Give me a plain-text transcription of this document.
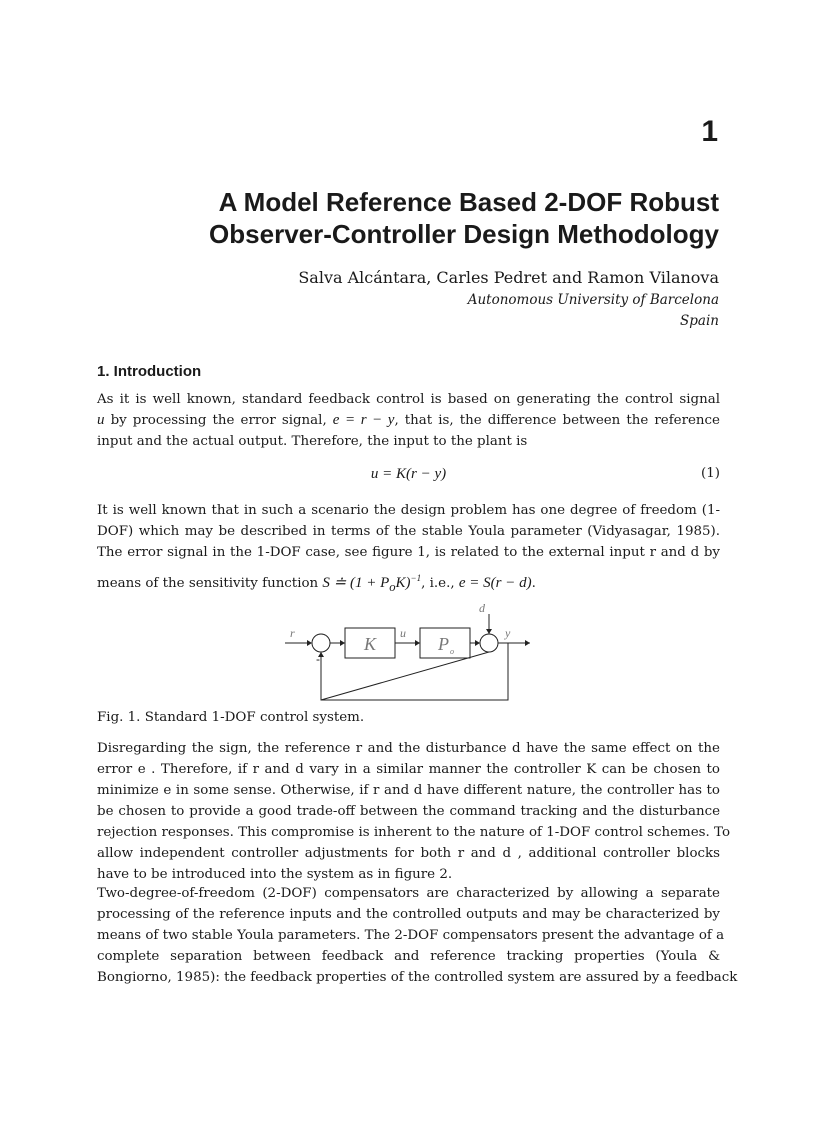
1
A Model Reference Based 2-DOF Robust
Observer-Controller Design Methodology
Salva Alcántara, Carles Pedret and Ramon Vilanova
Autonomous University of Barcelona
Spain
1. Introduction
As it is well known, standard feedback control is based on generating the control signal
u by processing the error signal, e = r − y, that is, the difference between the reference
input and the actual output. Therefore, the input to the plant is
u = K(r − y)	(1)
It is well known that in such a scenario the design problem has one degree of freedom (1-
DOF) which may be described in terms of the stable Youla parameter (Vidyasagar, 1985).
The error signal in the 1-DOF case, see figure 1, is related to the external input r and d by
means of the sensitivity function S ≐ $(1 + P_oK)^{-1}$, i.e., e = S(r − d).
r
K
u
P o
y
d
-
Fig. 1. Standard 1-DOF control system.
Disregarding the sign, the reference r and the disturbance d have the same effect on the
error e . Therefore, if r and d vary in a similar manner the controller K can be chosen to
minimize e in some sense. Otherwise, if r and d have different nature, the controller has to
be chosen to provide a good trade-off between the command tracking and the disturbance
rejection responses. This compromise is inherent to the nature of 1-DOF control schemes. To
allow independent controller adjustments for both r and d , additional controller blocks
have to be introduced into the system as in figure 2.
Two-degree-of-freedom (2-DOF) compensators are characterized by allowing a separate
processing of the reference inputs and the controlled outputs and may be characterized by
means of two stable Youla parameters. The 2-DOF compensators present the advantage of a
complete separation between feedback and reference tracking properties (Youla &
Bongiorno, 1985): the feedback properties of the controlled system are assured by a feedback
